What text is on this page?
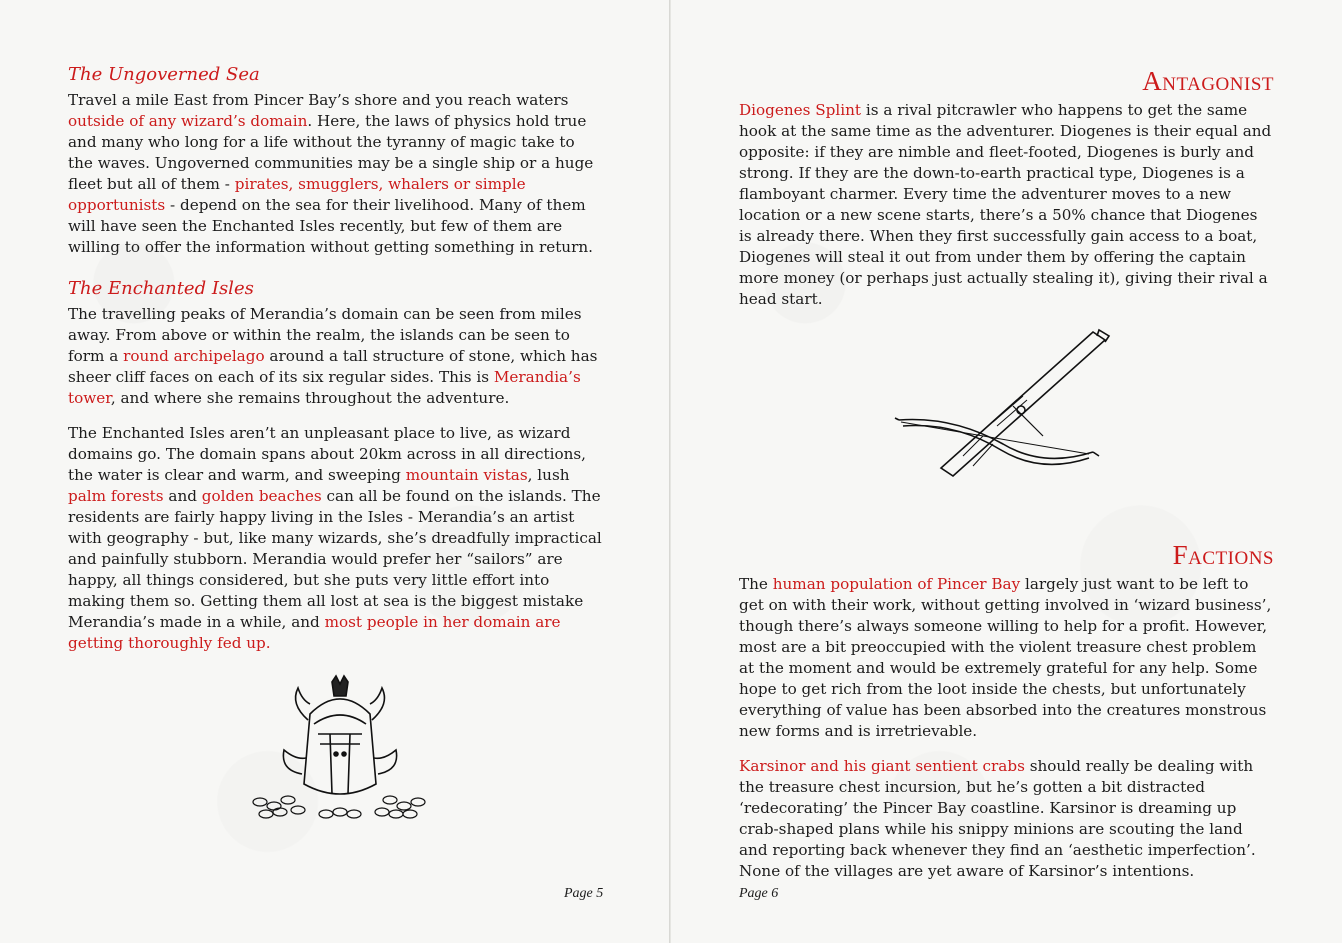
The Ungoverned Sea

Travel a mile East from Pincer Bay’s shore and you reach waters outside of any wizard’s domain. Here, the laws of physics hold true and many who long for a life without the tyranny of magic take to the waves. Ungoverned communities may be a single ship or a huge fleet but all of them - pirates, smugglers, whalers or simple opportunists - depend on the sea for their livelihood. Many of them will have seen the Enchanted Isles recently, but few of them are willing to offer the information without getting something in return.

The Enchanted Isles

The travelling peaks of Merandia’s domain can be seen from miles away. From above or within the realm, the islands can be seen to form a round archipelago around a tall structure of stone, which has sheer cliff faces on each of its six regular sides. This is Merandia’s tower, and where she remains throughout the adventure.

The Enchanted Isles aren’t an unpleasant place to live, as wizard domains go. The domain spans about 20km across in all directions, the water is clear and warm, and sweeping mountain vistas, lush palm forests and golden beaches can all be found on the islands. The residents are fairly happy living in the Isles - Merandia’s an artist with geography - but, like many wizards, she’s dreadfully impractical and painfully stubborn. Merandia would prefer her “sailors” are happy, all things considered, but she puts very little effort into making them so. Getting them all lost at sea is the biggest mistake Merandia’s made in a while, and most people in her domain are getting thoroughly fed up.

Page 5
Antagonist

Diogenes Splint is a rival pitcrawler who happens to get the same hook at the same time as the adventurer. Diogenes is their equal and opposite: if they are nimble and fleet-footed, Diogenes is burly and strong. If they are the down-to-earth practical type, Diogenes is a flamboyant charmer. Every time the adventurer moves to a new location or a new scene starts, there’s a 50% chance that Diogenes is already there. When they first successfully gain access to a boat, Diogenes will steal it out from under them by offering the captain more money (or perhaps just actually stealing it), giving their rival a head start.

Factions

The human population of Pincer Bay largely just want to be left to get on with their work, without getting involved in ‘wizard business’, though there’s always someone willing to help for a profit. However, most are a bit preoccupied with the violent treasure chest problem at the moment and would be extremely grateful for any help. Some hope to get rich from the loot inside the chests, but unfortunately everything of value has been absorbed into the creatures monstrous new forms and is irretrievable.

Karsinor and his giant sentient crabs should really be dealing with the treasure chest incursion, but he’s gotten a bit distracted ‘redecorating’ the Pincer Bay coastline. Karsinor is dreaming up crab-shaped plans while his snippy minions are scouting the land and reporting back whenever they find an ‘aesthetic imperfection’. None of the villages are yet aware of Karsinor’s intentions.

Page 6
